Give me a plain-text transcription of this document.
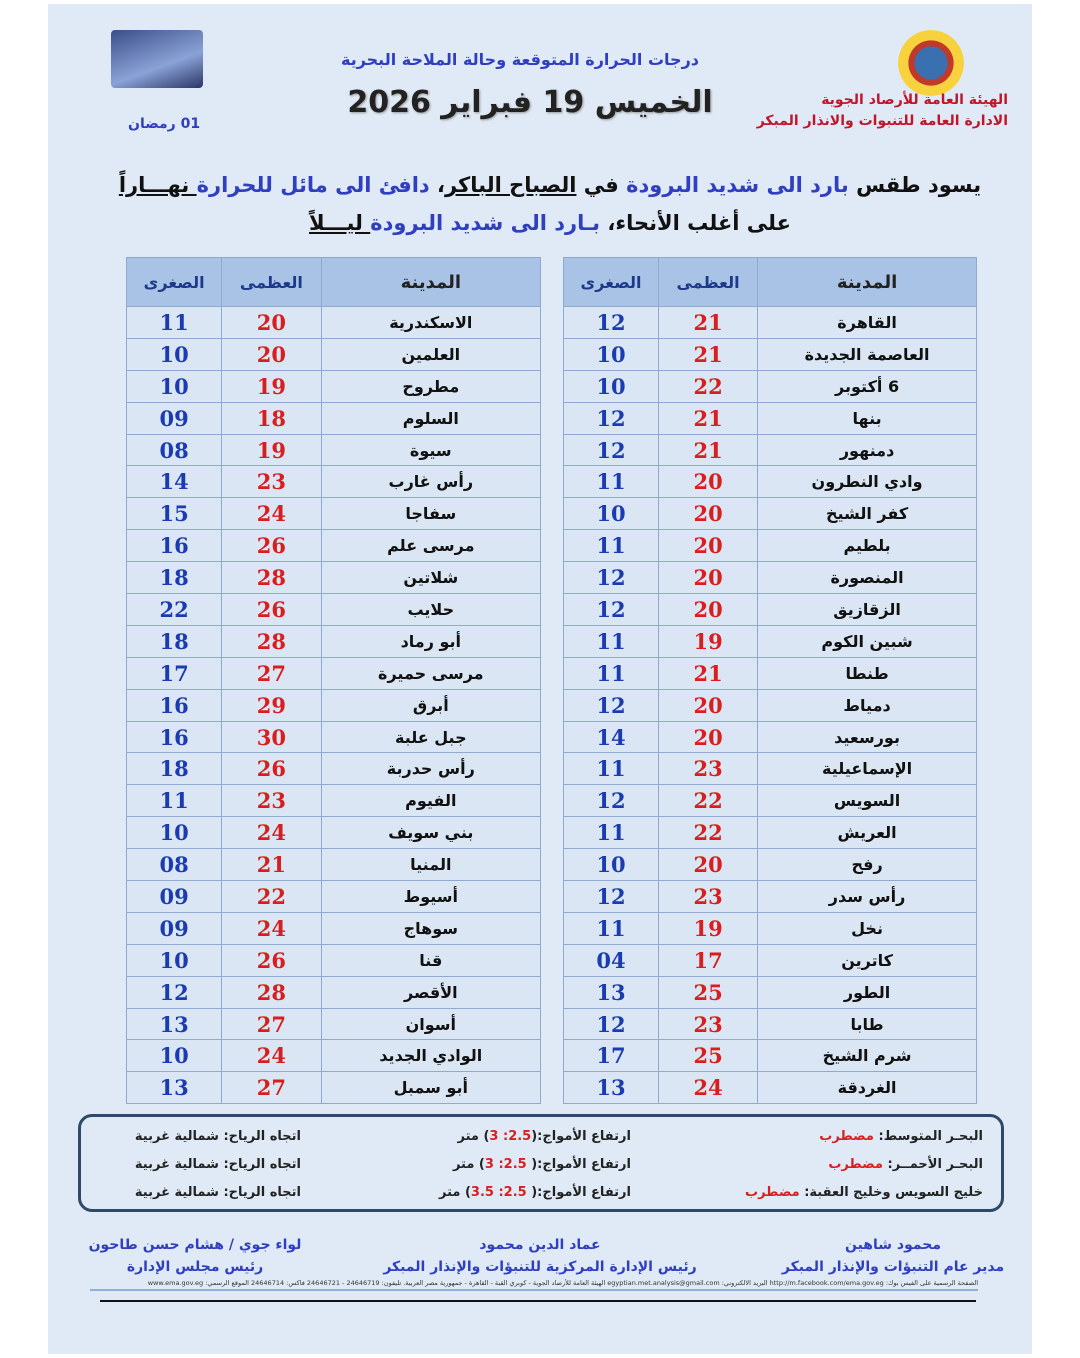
الهيئة العامة للأرصاد الجوية
الادارة العامة للتنبوات والانذار المبكر
درجات الحرارة المتوقعة وحالة الملاحة البحرية
الخميس 19 فبراير 2026
01 رمضان
يسود طقس بارد الى شديد البرودة في الصباح الباكر، دافئ الى مائل للحرارة نهـــاراً
على أغلب الأنحاء، بـارد الى شديد البرودة ليـــلاً
المدينة	العظمى	الصغرى
القاهرة	21	12
العاصمة الجديدة	21	10
6 أكتوبر	22	10
بنها	21	12
دمنهور	21	12
وادي النطرون	20	11
كفر الشيخ	20	10
بلطيم	20	11
المنصورة	20	12
الزقازيق	20	12
شبين الكوم	19	11
طنطا	21	11
دمياط	20	12
بورسعيد	20	14
الإسماعيلية	23	11
السويس	22	12
العريش	22	11
رفح	20	10
رأس سدر	23	12
نخل	19	11
كاترين	17	04
الطور	25	13
طابا	23	12
شرم الشيخ	25	17
الغردقة	24	13
المدينة	العظمى	الصغرى
الاسكندرية	20	11
العلمين	20	10
مطروح	19	10
السلوم	18	09
سيوة	19	08
رأس غارب	23	14
سفاجا	24	15
مرسى علم	26	16
شلاتين	28	18
حلايب	26	22
أبو رماد	28	18
مرسى حميرة	27	17
أبرق	29	16
جبل علبة	30	16
رأس حدربة	26	18
الفيوم	23	11
بني سويف	24	10
المنيا	21	08
أسيوط	22	09
سوهاج	24	09
قنا	26	10
الأقصر	28	12
أسوان	27	13
الوادي الجديد	24	10
أبو سمبل	27	13
البحـر المتوسط: مضطرب
ارتفاع الأمواج:(2.5: 3) متر
اتجاه الرياح: شمالية غربية
البحـر الأحمــر: مضطرب
ارتفاع الأمواج:( 2.5: 3) متر
اتجاه الرياح: شمالية غربية
خليج السويس وخليج العقبة: مضطرب
ارتفاع الأمواج:( 2.5: 3.5) متر
اتجاه الرياح: شمالية غربية
محمود شاهين
مدير عام التنبؤات والإنذار المبكر
عماد الدين محمود
رئيس الإدارة المركزية للتنبؤات والإنذار المبكر
لواء جوي / هشام حسن طاحون
رئيس مجلس الإدارة
الصفحة الرسمية على الفيس بوك: http://m.facebook.com/ema.gov.eg البريد الالكتروني: egyptian.met.analysis@gmail.com الهيئة العامة للأرصاد الجوية - كوبري القبة - القاهرة - جمهورية مصر العربية. تليفون: 24646719 - 24646721 فاكس: 24646714 الموقع الرسمي: www.ema.gov.eg
